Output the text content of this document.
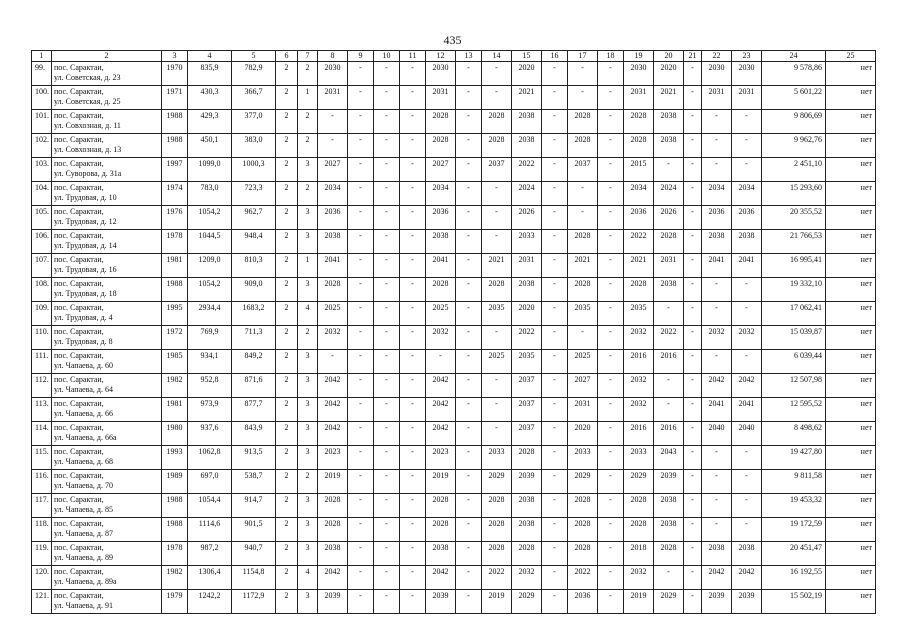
435
1	2	3	4	5	6	7	8	9	10	11	12	13	14	15	16	17	18	19	20	21	22	23	24	25
99.	пос. Сарактаи,
ул. Советская, д. 23	1970	835,9	782,9	2	2	2030	-	-	-	2030	-	-	2020	-	-	-	2030	2020	-	2030	2030	9 578,86	нет
100.	пос. Сарактаи,
ул. Советская, д. 25	1971	430,3	366,7	2	1	2031	-	-	-	2031	-	-	2021	-	-	-	2031	2021	-	2031	2031	5 601,22	нет
101.	пос. Сарактаи,
ул. Совхозная, д. 11	1988	429,3	377,0	2	2	-	-	-	-	2028	-	2028	2038	-	2028	-	2028	2038	-	-	-	9 806,69	нет
102.	пос. Сарактаи,
ул. Совхозная, д. 13	1988	450,1	383,0	2	2	-	-	-	-	2028	-	2028	2038	-	2028	-	2028	2038	-	-	-	9 962,76	нет
103.	пос. Сарактаи,
ул. Суворова, д. 31а	1997	1099,0	1000,3	2	3	2027	-	-	-	2027	-	2037	2022	-	2037	-	2015	-	-	-	-	2 451,10	нет
104.	пос. Сарактаи,
ул. Трудовая, д. 10	1974	783,0	723,3	2	2	2034	-	-	-	2034	-	-	2024	-	-	-	2034	2024	-	2034	2034	15 293,60	нет
105.	пос. Сарактаи,
ул. Трудовая, д. 12	1976	1054,2	962,7	2	3	2036	-	-	-	2036	-	-	2026	-	-	-	2036	2026	-	2036	2036	20 355,52	нет
106.	пос. Сарактаи,
ул. Трудовая, д. 14	1978	1044,5	948,4	2	3	2038	-	-	-	2038	-	-	2033	-	2028	-	2022	2028	-	2038	2038	21 766,53	нет
107.	пос. Сарактаи,
ул. Трудовая, д. 16	1981	1209,0	810,3	2	1	2041	-	-	-	2041	-	2021	2031	-	2021	-	2021	2031	-	2041	2041	16 995,41	нет
108.	пос. Сарактаи,
ул. Трудовая, д. 18	1988	1054,2	909,0	2	3	2028	-	-	-	2028	-	2028	2038	-	2028	-	2028	2038	-	-	-	19 332,10	нет
109.	пос. Сарактаи,
ул. Трудовая, д. 4	1995	2934,4	1683,2	2	4	2025	-	-	-	2025	-	2035	2020	-	2035	-	2035	-	-	-	-	17 062,41	нет
110.	пос. Сарактаи,
ул. Трудовая, д. 8	1972	769,9	711,3	2	2	2032	-	-	-	2032	-	-	2022	-	-	-	2032	2022	-	2032	2032	15 039,87	нет
111.	пос. Сарактаи,
ул. Чапаева, д. 60	1985	934,1	849,2	2	3	-	-	-	-	-	-	2025	2035	-	2025	-	2016	2016	-	-	-	6 039,44	нет
112.	пос. Сарактаи,
ул. Чапаева, д. 64	1982	952,8	871,6	2	3	2042	-	-	-	2042	-	-	2037	-	2027	-	2032	-	-	2042	2042	12 507,98	нет
113.	пос. Сарактаи,
ул. Чапаева, д. 66	1981	973,9	877,7	2	3	2042	-	-	-	2042	-	-	2037	-	2031	-	2032	-	-	2041	2041	12 595,52	нет
114.	пос. Сарактаи,
ул. Чапаева, д. 66а	1980	937,6	843,9	2	3	2042	-	-	-	2042	-	-	2037	-	2020	-	2016	2016	-	2040	2040	8 498,62	нет
115.	пос. Сарактаи,
ул. Чапаева, д. 68	1993	1062,8	913,5	2	3	2023	-	-	-	2023	-	2033	2028	-	2033	-	2033	2043	-	-	-	19 427,80	нет
116.	пос. Сарактаи,
ул. Чапаева, д. 70	1989	697,0	538,7	2	2	2019	-	-	-	2019	-	2029	2039	-	2029	-	2029	2039	-	-	-	9 811,58	нет
117.	пос. Сарактаи,
ул. Чапаева, д. 85	1988	1054,4	914,7	2	3	2028	-	-	-	2028	-	2028	2038	-	2028	-	2028	2038	-	-	-	19 453,32	нет
118.	пос. Сарактаи,
ул. Чапаева, д. 87	1988	1114,6	901,5	2	3	2028	-	-	-	2028	-	2028	2038	-	2028	-	2028	2038	-	-	-	19 172,59	нет
119.	пос. Сарактаи,
ул. Чапаева, д. 89	1978	987,2	940,7	2	3	2038	-	-	-	2038	-	2028	2028	-	2028	-	2018	2028	-	2038	2038	20 451,47	нет
120.	пос. Сарактаи,
ул. Чапаева, д. 89а	1982	1306,4	1154,8	2	4	2042	-	-	-	2042	-	2022	2032	-	2022	-	2032	-	-	2042	2042	16 192,55	нет
121.	пос. Сарактаи,
ул. Чапаева, д. 91	1979	1242,2	1172,9	2	3	2039	-	-	-	2039	-	2019	2029	-	2036	-	2019	2029	-	2039	2039	15 502,19	нет
